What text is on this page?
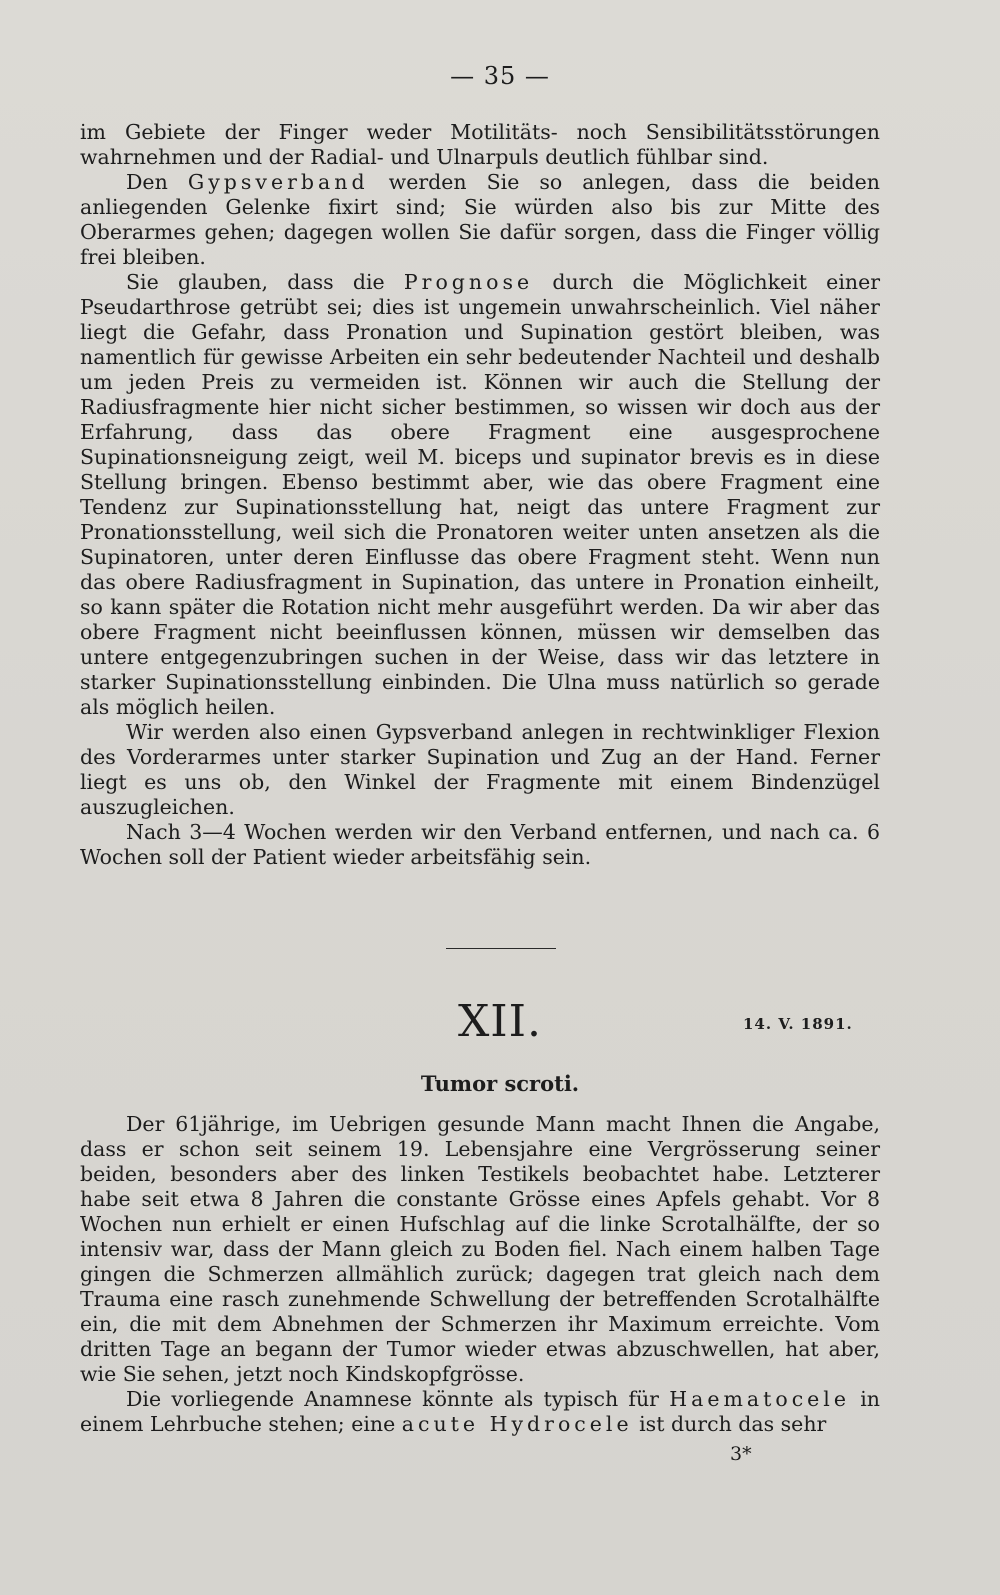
— 35 —

im Gebiete der Finger weder Motilitäts- noch Sensibilitätsstörungen wahrnehmen und der Radial- und Ulnarpuls deutlich fühlbar sind.

Den Gypsverband werden Sie so anlegen, dass die beiden anliegenden Gelenke fixirt sind; Sie würden also bis zur Mitte des Oberarmes gehen; dagegen wollen Sie dafür sorgen, dass die Finger völlig frei bleiben.

Sie glauben, dass die Prognose durch die Möglichkeit einer Pseudarthrose getrübt sei; dies ist ungemein unwahrscheinlich. Viel näher liegt die Gefahr, dass Pronation und Supination gestört bleiben, was namentlich für gewisse Arbeiten ein sehr bedeutender Nachteil und deshalb um jeden Preis zu vermeiden ist. Können wir auch die Stellung der Radiusfragmente hier nicht sicher bestimmen, so wissen wir doch aus der Erfahrung, dass das obere Fragment eine ausgesprochene Supinationsneigung zeigt, weil M. biceps und supinator brevis es in diese Stellung bringen. Ebenso bestimmt aber, wie das obere Fragment eine Tendenz zur Supinationsstellung hat, neigt das untere Fragment zur Pronationsstellung, weil sich die Pronatoren weiter unten ansetzen als die Supinatoren, unter deren Einflusse das obere Fragment steht. Wenn nun das obere Radiusfragment in Supination, das untere in Pronation einheilt, so kann später die Rotation nicht mehr ausgeführt werden. Da wir aber das obere Fragment nicht beeinflussen können, müssen wir demselben das untere entgegenzubringen suchen in der Weise, dass wir das letztere in starker Supinationsstellung einbinden. Die Ulna muss natürlich so gerade als möglich heilen.

Wir werden also einen Gypsverband anlegen in rechtwinkliger Flexion des Vorderarmes unter starker Supination und Zug an der Hand. Ferner liegt es uns ob, den Winkel der Fragmente mit einem Bindenzügel auszugleichen.

Nach 3—4 Wochen werden wir den Verband entfernen, und nach ca. 6 Wochen soll der Patient wieder arbeitsfähig sein.

XII.	14. V. 1891.
Tumor scroti.

Der 61jährige, im Uebrigen gesunde Mann macht Ihnen die Angabe, dass er schon seit seinem 19. Lebensjahre eine Vergrösserung seiner beiden, besonders aber des linken Testikels beobachtet habe. Letzterer habe seit etwa 8 Jahren die constante Grösse eines Apfels gehabt. Vor 8 Wochen nun erhielt er einen Hufschlag auf die linke Scrotalhälfte, der so intensiv war, dass der Mann gleich zu Boden fiel. Nach einem halben Tage gingen die Schmerzen allmählich zurück; dagegen trat gleich nach dem Trauma eine rasch zunehmende Schwellung der betreffenden Scrotalhälfte ein, die mit dem Abnehmen der Schmerzen ihr Maximum erreichte. Vom dritten Tage an begann der Tumor wieder etwas abzuschwellen, hat aber, wie Sie sehen, jetzt noch Kindskopfgrösse.

Die vorliegende Anamnese könnte als typisch für Haematocele in einem Lehrbuche stehen; eine acute Hydrocele ist durch das sehr

3*
